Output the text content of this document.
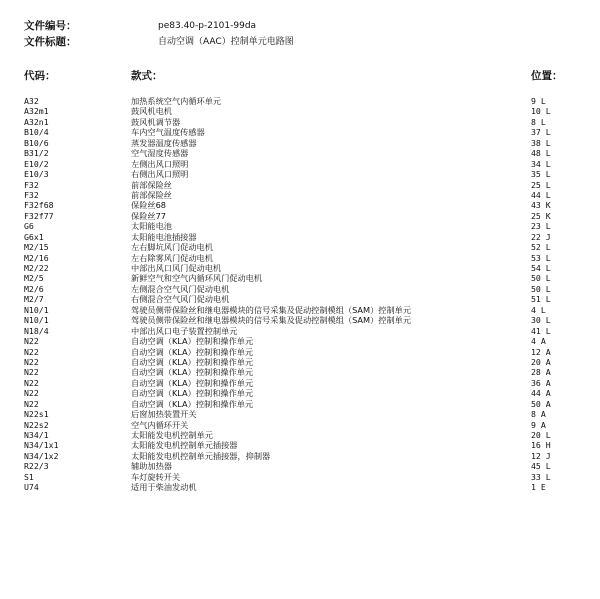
文件编号：	pe83.40-p-2101-99da
文件标题：	自动空调（AAC）控制单元电路图
代码：	款式：	位置：
A32	加热系统空气内循环单元	9 L
A32m1	鼓风机电机	10 L
A32n1	鼓风机调节器	8 L
B10/4	车内空气温度传感器	37 L
B10/6	蒸发器温度传感器	38 L
B31/2	空气湿度传感器	48 L
E10/2	左侧出风口照明	34 L
E10/3	右侧出风口照明	35 L
F32	前部保险丝	25 L
F32	前部保险丝	44 L
F32f68	保险丝68	43 K
F32f77	保险丝77	25 K
G6	太阳能电池	23 L
G6x1	太阳能电池插接器	22 J
M2/15	左右脚坑风门促动电机	52 L
M2/16	左右除雾风门促动电机	53 L
M2/22	中部出风口风门促动电机	54 L
M2/5	新鲜空气和空气内循环风门促动电机	50 L
M2/6	左侧混合空气风门促动电机	50 L
M2/7	右侧混合空气风门促动电机	51 L
N10/1	驾驶员侧带保险丝和继电器模块的信号采集及促动控制模组（SAM）控制单元	4 L
N10/1	驾驶员侧带保险丝和继电器模块的信号采集及促动控制模组（SAM）控制单元	30 L
N18/4	中部出风口电子装置控制单元	41 L
N22	自动空调（KLA）控制和操作单元	4 A
N22	自动空调（KLA）控制和操作单元	12 A
N22	自动空调（KLA）控制和操作单元	20 A
N22	自动空调（KLA）控制和操作单元	28 A
N22	自动空调（KLA）控制和操作单元	36 A
N22	自动空调（KLA）控制和操作单元	44 A
N22	自动空调（KLA）控制和操作单元	50 A
N22s1	后窗加热装置开关	8 A
N22s2	空气内循环开关	9 A
N34/1	太阳能发电机控制单元	20 L
N34/1x1	太阳能发电机控制单元插接器	16 H
N34/1x2	太阳能发电机控制单元插接器，抑制器	12 J
R22/3	辅助加热器	45 L
S1	车灯旋转开关	33 L
U74	适用于柴油发动机	1 E
